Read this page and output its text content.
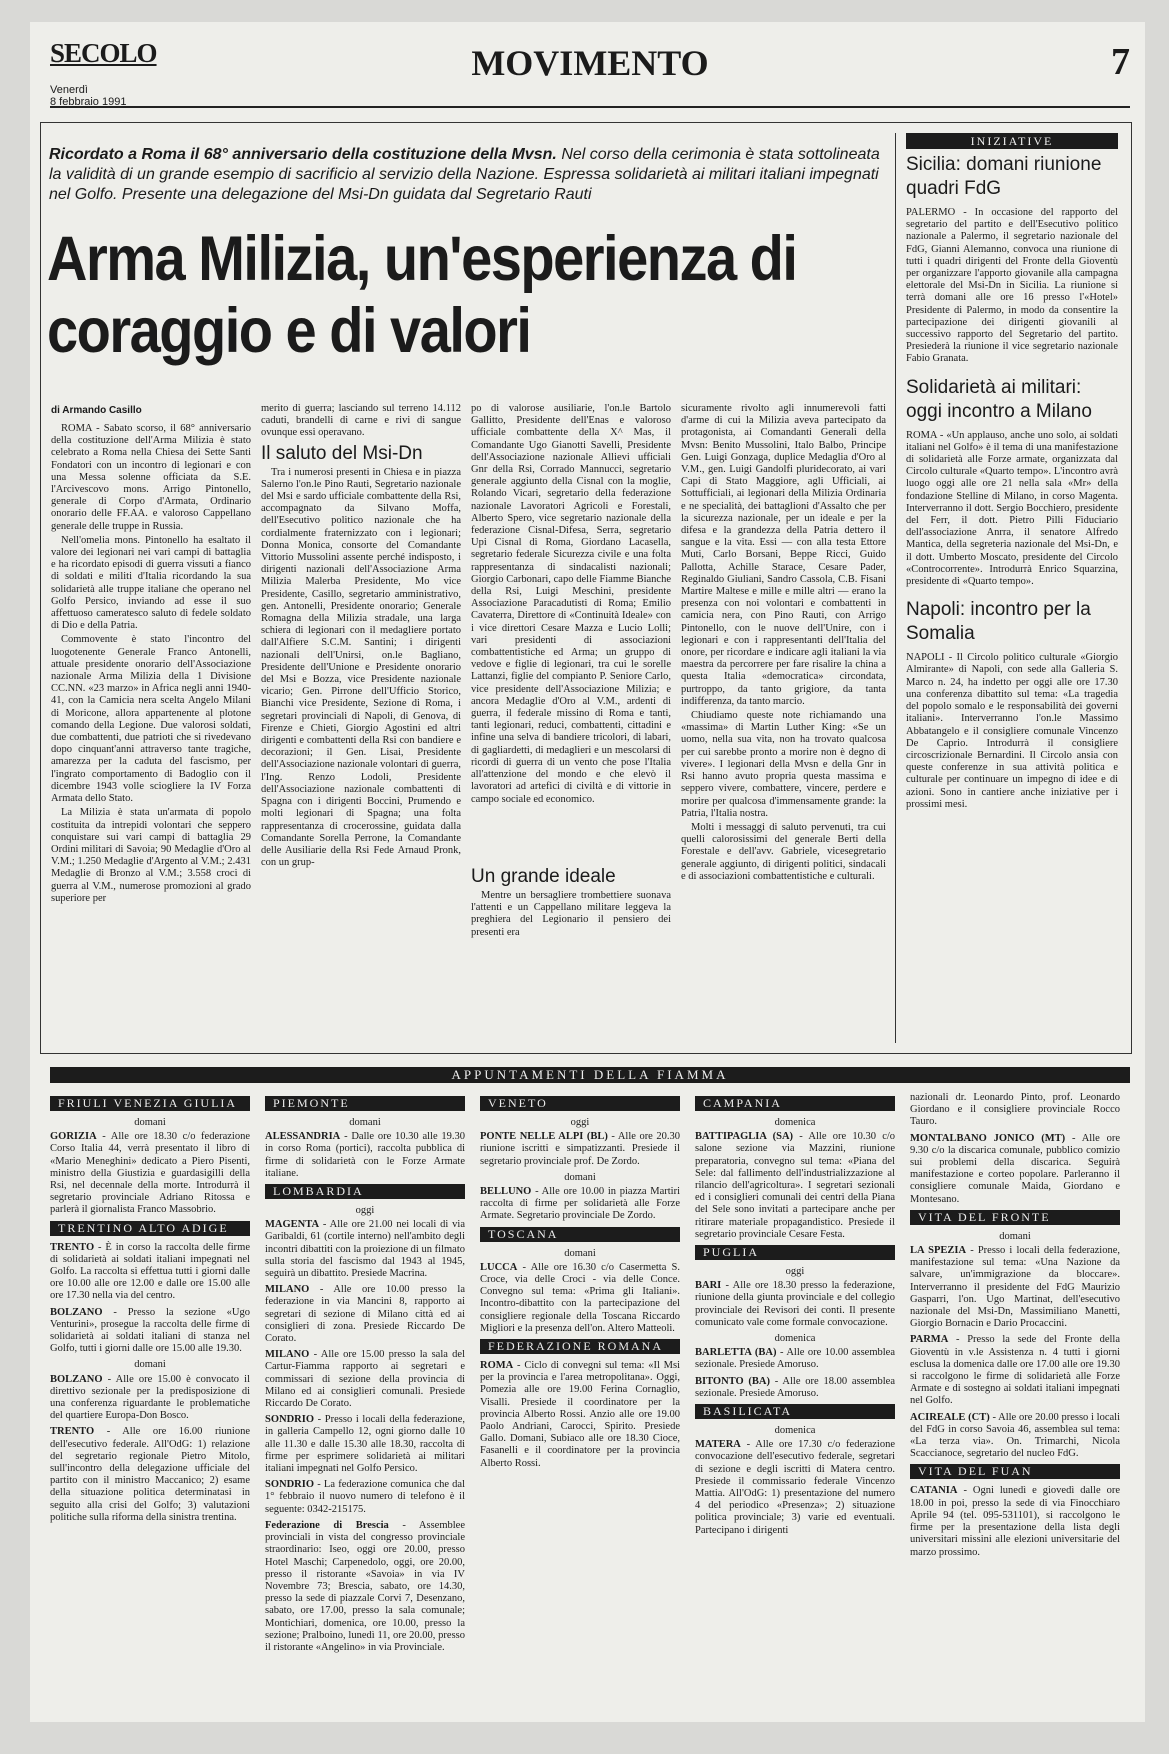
SECOLO
Venerdì
8 febbraio 1991
MOVIMENTO	7
Ricordato a Roma il 68° anniversario della costituzione della Mvsn. Nel corso della cerimonia è stata sottolineata la validità di un grande esempio di sacrificio al servizio della Nazione. Espressa solidarietà ai militari italiani impegnati nel Golfo. Presente una delegazione del Msi-Dn guidata dal Segretario Rauti
Arma Milizia, un'esperienza di coraggio e di valori
di Armando Casillo

ROMA - Sabato scorso, il 68° anniversario della costituzione dell'Arma Milizia è stato celebrato a Roma nella Chiesa dei Sette Santi Fondatori con un incontro di legionari e con una Messa solenne officiata da S.E. l'Arcivescovo mons. Arrigo Pintonello, generale di Corpo d'Armata, Ordinario onorario delle FF.AA. e valoroso Cappellano generale delle truppe in Russia.

Nell'omelia mons. Pintonello ha esaltato il valore dei legionari nei vari campi di battaglia e ha ricordato episodi di guerra vissuti a fianco di soldati e militi d'Italia ricordando la sua solidarietà alle truppe italiane che operano nel Golfo Persico, inviando ad esse il suo affettuoso cameratesco saluto di fedele soldato di Dio e della Patria.

Commovente è stato l'incontro del luogotenente Generale Franco Antonelli, attuale presidente onorario dell'Associazione nazionale Arma Milizia della 1 Divisione CC.NN. «23 marzo» in Africa negli anni 1940-41, con la Camicia nera scelta Angelo Milani di Moricone, allora appartenente al plotone comando della Legione. Due valorosi soldati, due combattenti, due patrioti che si rivedevano dopo cinquant'anni attraverso tante tragiche, amarezza per la caduta del fascismo, per l'ingrato comportamento di Badoglio con il dicembre 1943 volle sciogliere la IV Forza Armata dello Stato.

La Milizia è stata un'armata di popolo costituita da intrepidi volontari che seppero conquistare sui vari campi di battaglia 29 Ordini militari di Savoia; 90 Medaglie d'Oro al V.M.; 1.250 Medaglie d'Argento al V.M.; 2.431 Medaglie di Bronzo al V.M.; 3.558 croci di guerra al V.M., numerose promozioni al grado superiore per

merito di guerra; lasciando sul terreno 14.112 caduti, brandelli di carne e rivi di sangue ovunque essi operavano.

Il saluto del Msi-Dn

Tra i numerosi presenti in Chiesa e in piazza Salerno l'on.le Pino Rauti, Segretario nazionale del Msi e sardo ufficiale combattente della Rsi, accompagnato da Silvano Moffa, dell'Esecutivo politico nazionale che ha cordialmente fraternizzato con i legionari; Donna Monica, consorte del Comandante Vittorio Mussolini assente perché indisposto, i dirigenti nazionali dell'Associazione Arma Milizia Malerba Presidente, Mo vice Presidente, Casillo, segretario amministrativo, gen. Antonelli, Presidente onorario; Generale Romagna della Milizia stradale, una larga schiera di legionari con il medagliere portato dall'Alfiere S.C.M. Santini; i dirigenti nazionali dell'Unirsi, on.le Bagliano, Presidente dell'Unione e Presidente onorario del Msi e Bozza, vice Presidente nazionale vicario; Gen. Pirrone dell'Ufficio Storico, Bianchi vice Presidente, Sezione di Roma, i segretari provinciali di Napoli, di Genova, di Firenze e Chieti, Giorgio Agostini ed altri dirigenti e combattenti della Rsi con bandiere e decorazioni; il Gen. Lisai, Presidente dell'Associazione nazionale volontari di guerra, l'Ing. Renzo Lodoli, Presidente dell'Associazione nazionale combattenti di Spagna con i dirigenti Boccini, Prumendo e molti legionari di Spagna; una folta rappresentanza di crocerossine, guidata dalla Comandante Sorella Perrone, la Comandante delle Ausiliarie della Rsi Fede Arnaud Pronk, con un grup-

po di valorose ausiliarie, l'on.le Bartolo Gallitto, Presidente dell'Enas e valoroso ufficiale combattente della X^ Mas, il Comandante Ugo Gianotti Savelli, Presidente dell'Associazione nazionale Allievi ufficiali Gnr della Rsi, Corrado Mannucci, segretario generale aggiunto della Cisnal con la moglie, Rolando Vicari, segretario della federazione nazionale Lavoratori Agricoli e Forestali, Alberto Spero, vice segretario nazionale della federazione Cisnal-Difesa, Serra, segretario Upi Cisnal di Roma, Giordano Lacasella, segretario federale Sicurezza civile e una folta rappresentanza di sindacalisti nazionali; Giorgio Carbonari, capo delle Fiamme Bianche della Rsi, Luigi Meschini, presidente Associazione Paracadutisti di Roma; Emilio Cavaterra, Direttore di «Continuità Ideale» con i vice direttori Cesare Mazza e Lucio Lolli; vari presidenti di associazioni combattentistiche ed Arma; un gruppo di vedove e figlie di legionari, tra cui le sorelle Lattanzi, figlie del compianto P. Seniore Carlo, vice presidente dell'Associazione Milizia; e ancora Medaglie d'Oro al V.M., ardenti di guerra, il federale missino di Roma e tanti, tanti legionari, reduci, combattenti, cittadini e infine una selva di bandiere tricolori, di labari, di gagliardetti, di medaglieri e un mescolarsi di ricordi di guerra di un vento che pose l'Italia all'attenzione del mondo e che elevò il lavoratori ad artefici di civiltà e di vittorie in campo sociale ed economico.

Un grande ideale

Mentre un bersagliere trombettiere suonava l'attenti e un Cappellano militare leggeva la preghiera del Legionario il pensiero dei presenti era

sicuramente rivolto agli innumerevoli fatti d'arme di cui la Milizia aveva partecipato da protagonista, ai Comandanti Generali della Mvsn: Benito Mussolini, Italo Balbo, Principe Gen. Luigi Gonzaga, duplice Medaglia d'Oro al V.M., gen. Luigi Gandolfi pluridecorato, ai vari Capi di Stato Maggiore, agli Ufficiali, ai Sottufficiali, ai legionari della Milizia Ordinaria e ne specialità, dei battaglioni d'Assalto che per la sicurezza nazionale, per un ideale e per la difesa e la grandezza della Patria dettero il sangue e la vita. Essi — con alla testa Ettore Muti, Carlo Borsani, Beppe Ricci, Guido Pallotta, Achille Starace, Cesare Pader, Reginaldo Giuliani, Sandro Cassola, C.B. Fisani Martire Maltese e mille e mille altri — erano la presenza con noi volontari e combattenti in camicia nera, con Pino Rauti, con Arrigo Pintonello, con le nuove dell'Unire, con i legionari e con i rappresentanti dell'Italia del onore, per ricordare e indicare agli italiani la via maestra da percorrere per fare risalire la china a questa Italia «democratica» circondata, purtroppo, da tanto grigiore, da tanta indifferenza, da tanto marcio.

Chiudiamo queste note richiamando una «massima» di Martin Luther King: «Se un uomo, nella sua vita, non ha trovato qualcosa per cui sarebbe pronto a morire non è degno di vivere». I legionari della Mvsn e della Gnr in Rsi hanno avuto propria questa massima e seppero vivere, combattere, vincere, perdere e morire per qualcosa d'immensamente grande: la Patria, l'Italia nostra.

Molti i messaggi di saluto pervenuti, tra cui quelli calorosissimi del generale Berti della Forestale e dell'avv. Gabriele, vicesegretario generale aggiunto, di dirigenti politici, sindacali e di associazioni combattentistiche e culturali.

INIZIATIVE
Sicilia: domani riunione quadri FdG

PALERMO - In occasione del rapporto del segretario del partito e dell'Esecutivo politico nazionale a Palermo, il segretario nazionale del FdG, Gianni Alemanno, convoca una riunione di tutti i quadri dirigenti del Fronte della Gioventù per organizzare l'apporto giovanile alla campagna elettorale del Msi-Dn in Sicilia. La riunione si terrà domani alle ore 16 presso l'«Hotel» Presidente di Palermo, in modo da consentire la partecipazione dei dirigenti giovanili al successivo rapporto del Segretario del partito. Presiederà la riunione il vice segretario nazionale Fabio Granata.

Solidarietà ai militari: oggi incontro a Milano

ROMA - «Un applauso, anche uno solo, ai soldati italiani nel Golfo» è il tema di una manifestazione di solidarietà alle Forze armate, organizzata dal Circolo culturale «Quarto tempo». L'incontro avrà luogo oggi alle ore 21 nella sala «Mr» della fondazione Stelline di Milano, in corso Magenta. Interverranno il dott. Sergio Bocchiero, presidente del Ferr, il dott. Pietro Pilli Fiduciario dell'associazione Anrra, il senatore Alfredo Mantica, della segreteria nazionale del Msi-Dn, e il dott. Umberto Moscato, presidente del Circolo «Controcorrente». Introdurrà Enrico Squarzina, presidente di «Quarto tempo».

Napoli: incontro per la Somalia

NAPOLI - Il Circolo politico culturale «Giorgio Almirante» di Napoli, con sede alla Galleria S. Marco n. 24, ha indetto per oggi alle ore 17.30 una conferenza dibattito sul tema: «La tragedia del popolo somalo e le responsabilità dei governi italiani». Interverranno l'on.le Massimo Abbatangelo e il consigliere comunale Vincenzo De Caprio. Introdurrà il consigliere circoscrizionale Bernardini. Il Circolo ansia con queste conferenze in sua attività politica e culturale per continuare un impegno di idee e di azioni. Sono in cantiere anche iniziative per i prossimi mesi.

APPUNTAMENTI DELLA FIAMMA
FRIULI VENEZIA GIULIA
domani

GORIZIA - Alle ore 18.30 c/o federazione Corso Italia 44, verrà presentato il libro di «Mario Meneghini» dedicato a Piero Pisenti, ministro della Giustizia e guardasigilli della Rsi, nel decennale della morte. Introdurrà il segretario provinciale Adriano Ritossa e parlerà il giornalista Franco Massobrio.

TRENTINO ALTO ADIGE

TRENTO - È in corso la raccolta delle firme di solidarietà ai soldati italiani impegnati nel Golfo. La raccolta si effettua tutti i giorni dalle ore 10.00 alle ore 12.00 e dalle ore 15.00 alle ore 17.30 nella via del centro.

BOLZANO - Presso la sezione «Ugo Venturini», prosegue la raccolta delle firme di solidarietà ai soldati italiani di stanza nel Golfo, tutti i giorni dalle ore 15.00 alle 19.30.

domani

BOLZANO - Alle ore 15.00 è convocato il direttivo sezionale per la predisposizione di una conferenza riguardante le problematiche del quartiere Europa-Don Bosco.

TRENTO - Alle ore 16.00 riunione dell'esecutivo federale. All'OdG: 1) relazione del segretario regionale Pietro Mitolo, sull'incontro della delegazione ufficiale del partito con il ministro Maccanico; 2) esame della situazione politica determinatasi in seguito alla crisi del Golfo; 3) valutazioni politiche sulla riforma della sinistra trentina.

PIEMONTE
domani

ALESSANDRIA - Dalle ore 10.30 alle 19.30 in corso Roma (portici), raccolta pubblica di firme di solidarietà con le Forze Armate italiane.

LOMBARDIA
oggi

MAGENTA - Alle ore 21.00 nei locali di via Garibaldi, 61 (cortile interno) nell'ambito degli incontri dibattiti con la proiezione di un filmato sulla storia del fascismo dal 1943 al 1945, seguirà un dibattito. Presiede Macrina.

MILANO - Alle ore 10.00 presso la federazione in via Mancini 8, rapporto ai segretari di sezione di Milano città ed ai consiglieri di zona. Presiede Riccardo De Corato.

MILANO - Alle ore 15.00 presso la sala del Cartur-Fiamma rapporto ai segretari e commissari di sezione della provincia di Milano ed ai consiglieri comunali. Presiede Riccardo De Corato.

SONDRIO - Presso i locali della federazione, in galleria Campello 12, ogni giorno dalle 10 alle 11.30 e dalle 15.30 alle 18.30, raccolta di firme per esprimere solidarietà ai militari italiani impegnati nel Golfo Persico.

SONDRIO - La federazione comunica che dal 1° febbraio il nuovo numero di telefono è il seguente: 0342-215175.

Federazione di Brescia - Assemblee provinciali in vista del congresso provinciale straordinario: Iseo, oggi ore 20.00, presso Hotel Maschi; Carpenedolo, oggi, ore 20.00, presso il ristorante «Savoia» in via IV Novembre 73; Brescia, sabato, ore 14.30, presso la sede di piazzale Corvi 7, Desenzano, sabato, ore 17.00, presso la sala comunale; Montichiari, domenica, ore 10.00, presso la sezione; Pralboino, lunedì 11, ore 20.00, presso il ristorante «Angelino» in via Provinciale.

VENETO
oggi

PONTE NELLE ALPI (BL) - Alle ore 20.30 riunione iscritti e simpatizzanti. Presiede il segretario provinciale prof. De Zordo.

domani

BELLUNO - Alle ore 10.00 in piazza Martiri raccolta di firme per solidarietà alle Forze Armate. Segretario provinciale De Zordo.

TOSCANA
domani

LUCCA - Alle ore 16.30 c/o Casermetta S. Croce, via delle Croci - via delle Conce. Convegno sul tema: «Prima gli Italiani». Incontro-dibattito con la partecipazione del consigliere regionale della Toscana Riccardo Migliori e la presenza dell'on. Altero Matteoli.

FEDERAZIONE ROMANA

ROMA - Ciclo di convegni sul tema: «Il Msi per la provincia e l'area metropolitana». Oggi, Pomezia alle ore 19.00 Ferina Cornaglio, Visalli. Presiede il coordinatore per la provincia Alberto Rossi. Anzio alle ore 19.00 Paolo Andriani, Carocci, Spirito. Presiede Gallo. Domani, Subiaco alle ore 18.30 Cioce, Fasanelli e il coordinatore per la provincia Alberto Rossi.

CAMPANIA
domenica

BATTIPAGLIA (SA) - Alle ore 10.30 c/o salone sezione via Mazzini, riunione preparatoria, convegno sul tema: «Piana del Sele: dal fallimento dell'industrializzazione al rilancio dell'agricoltura». I segretari sezionali ed i consiglieri comunali dei centri della Piana del Sele sono invitati a partecipare anche per ritirare materiale propagandistico. Presiede il segretario provinciale Cesare Festa.

PUGLIA
oggi

BARI - Alle ore 18.30 presso la federazione, riunione della giunta provinciale e del collegio provinciale dei Revisori dei conti. Il presente comunicato vale come formale convocazione.

domenica

BARLETTA (BA) - Alle ore 10.00 assemblea sezionale. Presiede Amoruso.

BITONTO (BA) - Alle ore 18.00 assemblea sezionale. Presiede Amoruso.

BASILICATA
domenica

MATERA - Alle ore 17.30 c/o federazione convocazione dell'esecutivo federale, segretari di sezione e degli iscritti di Matera centro. Presiede il commissario federale Vincenzo Mattia. All'OdG: 1) presentazione del numero 4 del periodico «Presenza»; 2) situazione politica provinciale; 3) varie ed eventuali. Partecipano i dirigenti

nazionali dr. Leonardo Pinto, prof. Leonardo Giordano e il consigliere provinciale Rocco Tauro.

MONTALBANO JONICO (MT) - Alle ore 9.30 c/o la discarica comunale, pubblico comizio sui problemi della discarica. Seguirà manifestazione e corteo popolare. Parleranno il consigliere comunale Maida, Giordano e Montesano.

VITA DEL FRONTE
domani

LA SPEZIA - Presso i locali della federazione, manifestazione sul tema: «Una Nazione da salvare, un'immigrazione da bloccare». Interverranno il presidente del FdG Maurizio Gasparri, l'on. Ugo Martinat, dell'esecutivo nazionale del Msi-Dn, Massimiliano Manetti, Giorgio Bornacin e Dario Procaccini.

PARMA - Presso la sede del Fronte della Gioventù in v.le Assistenza n. 4 tutti i giorni esclusa la domenica dalle ore 17.00 alle ore 19.30 si raccolgono le firme di solidarietà alle Forze Armate e di sostegno ai soldati italiani impegnati nel Golfo.

ACIREALE (CT) - Alle ore 20.00 presso i locali del FdG in corso Savoia 46, assemblea sul tema: «La terza via». On. Trimarchi, Nicola Scaccianoce, segretario del nucleo FdG.

VITA DEL FUAN

CATANIA - Ogni lunedì e giovedì dalle ore 18.00 in poi, presso la sede di via Finocchiaro Aprile 94 (tel. 095-531101), si raccolgono le firme per la presentazione della lista degli universitari missini alle elezioni universitarie del marzo prossimo.
